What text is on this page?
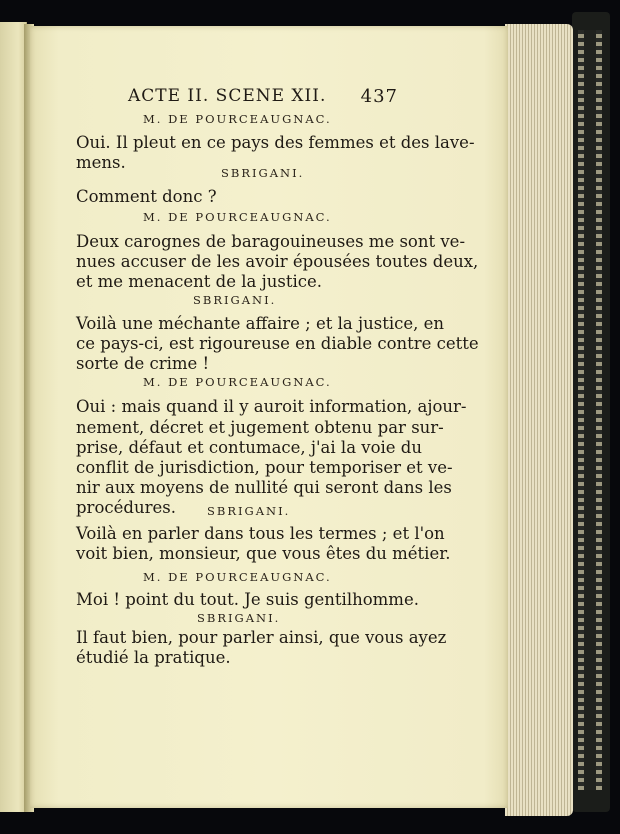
ACTE II. SCENE XII. 437
M. DE POURCEAUGNAC.
Oui. Il pleut en ce pays des femmes et des lave-
mens.
SBRIGANI.
Comment donc ?
M. DE POURCEAUGNAC.
Deux carognes de baragouineuses me sont ve-
nues accuser de les avoir épousées toutes deux,
et me menacent de la justice.
SBRIGANI.
Voilà une méchante affaire ; et la justice, en
ce pays-ci, est rigoureuse en diable contre cette
sorte de crime !
M. DE POURCEAUGNAC.
Oui : mais quand il y auroit information, ajour-
nement, décret et jugement obtenu par sur-
prise, défaut et contumace, j'ai la voie du
conflit de jurisdiction, pour temporiser et ve-
nir aux moyens de nullité qui seront dans les
procédures.	SBRIGANI.
Voilà en parler dans tous les termes ; et l'on
voit bien, monsieur, que vous êtes du métier.
M. DE POURCEAUGNAC.
Moi ! point du tout. Je suis gentilhomme.
SBRIGANI.
Il faut bien, pour parler ainsi, que vous ayez
étudié la pratique.
